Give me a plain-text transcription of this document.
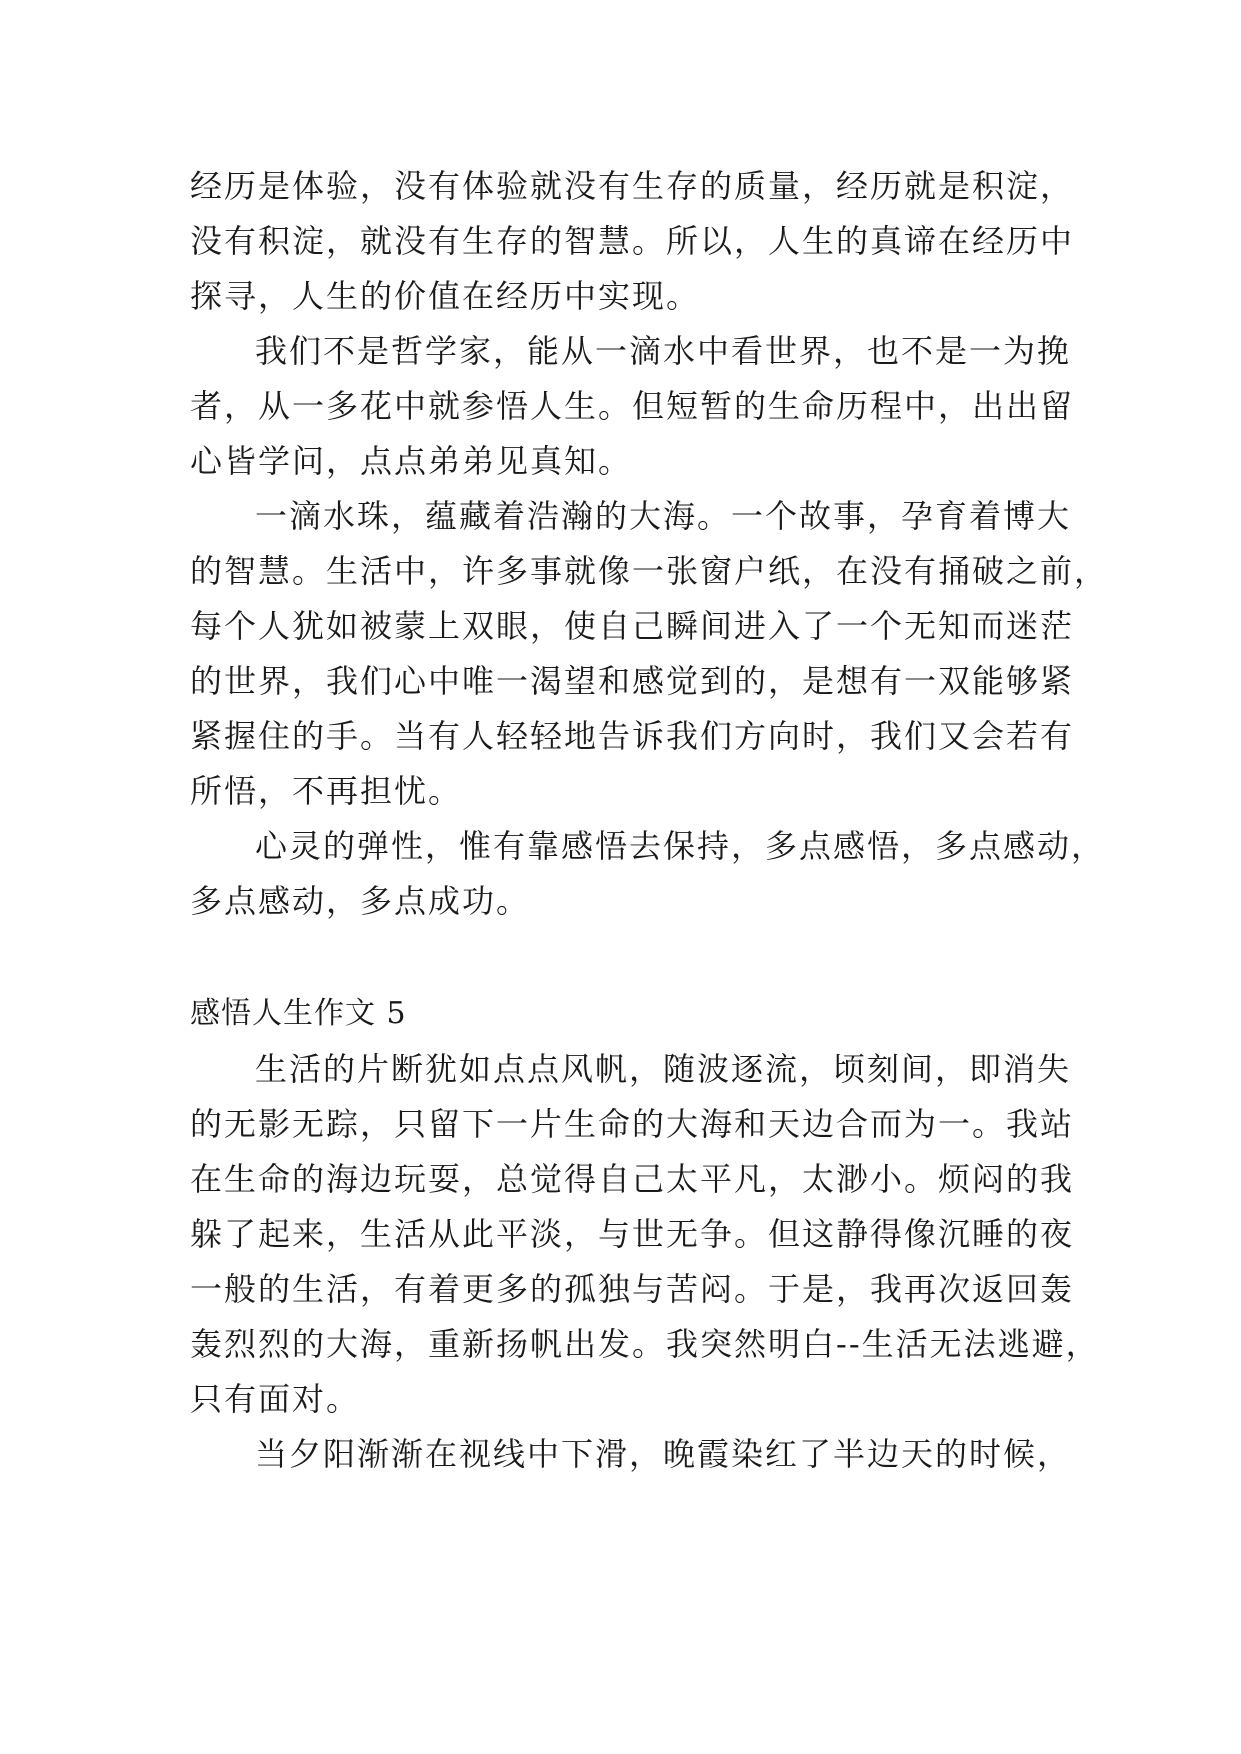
经历是体验，没有体验就没有生存的质量，经历就是积淀，
没有积淀，就没有生存的智慧。所以，人生的真谛在经历中
探寻，人生的价值在经历中实现。
我们不是哲学家，能从一滴水中看世界，也不是一为挽
者，从一多花中就参悟人生。但短暂的生命历程中，出出留
心皆学问，点点弟弟见真知。
一滴水珠，蕴藏着浩瀚的大海。一个故事，孕育着博大
的智慧。生活中，许多事就像一张窗户纸，在没有捅破之前，
每个人犹如被蒙上双眼，使自己瞬间进入了一个无知而迷茫
的世界，我们心中唯一渴望和感觉到的，是想有一双能够紧
紧握住的手。当有人轻轻地告诉我们方向时，我们又会若有
所悟，不再担忧。
心灵的弹性，惟有靠感悟去保持，多点感悟，多点感动，
多点感动，多点成功。
感悟人生作文 5
生活的片断犹如点点风帆，随波逐流，顷刻间，即消失
的无影无踪，只留下一片生命的大海和天边合而为一。我站
在生命的海边玩耍，总觉得自己太平凡，太渺小。烦闷的我
躲了起来，生活从此平淡，与世无争。但这静得像沉睡的夜
一般的生活，有着更多的孤独与苦闷。于是，我再次返回轰
轰烈烈的大海，重新扬帆出发。我突然明白--生活无法逃避，
只有面对。
当夕阳渐渐在视线中下滑，晚霞染红了半边天的时候，
